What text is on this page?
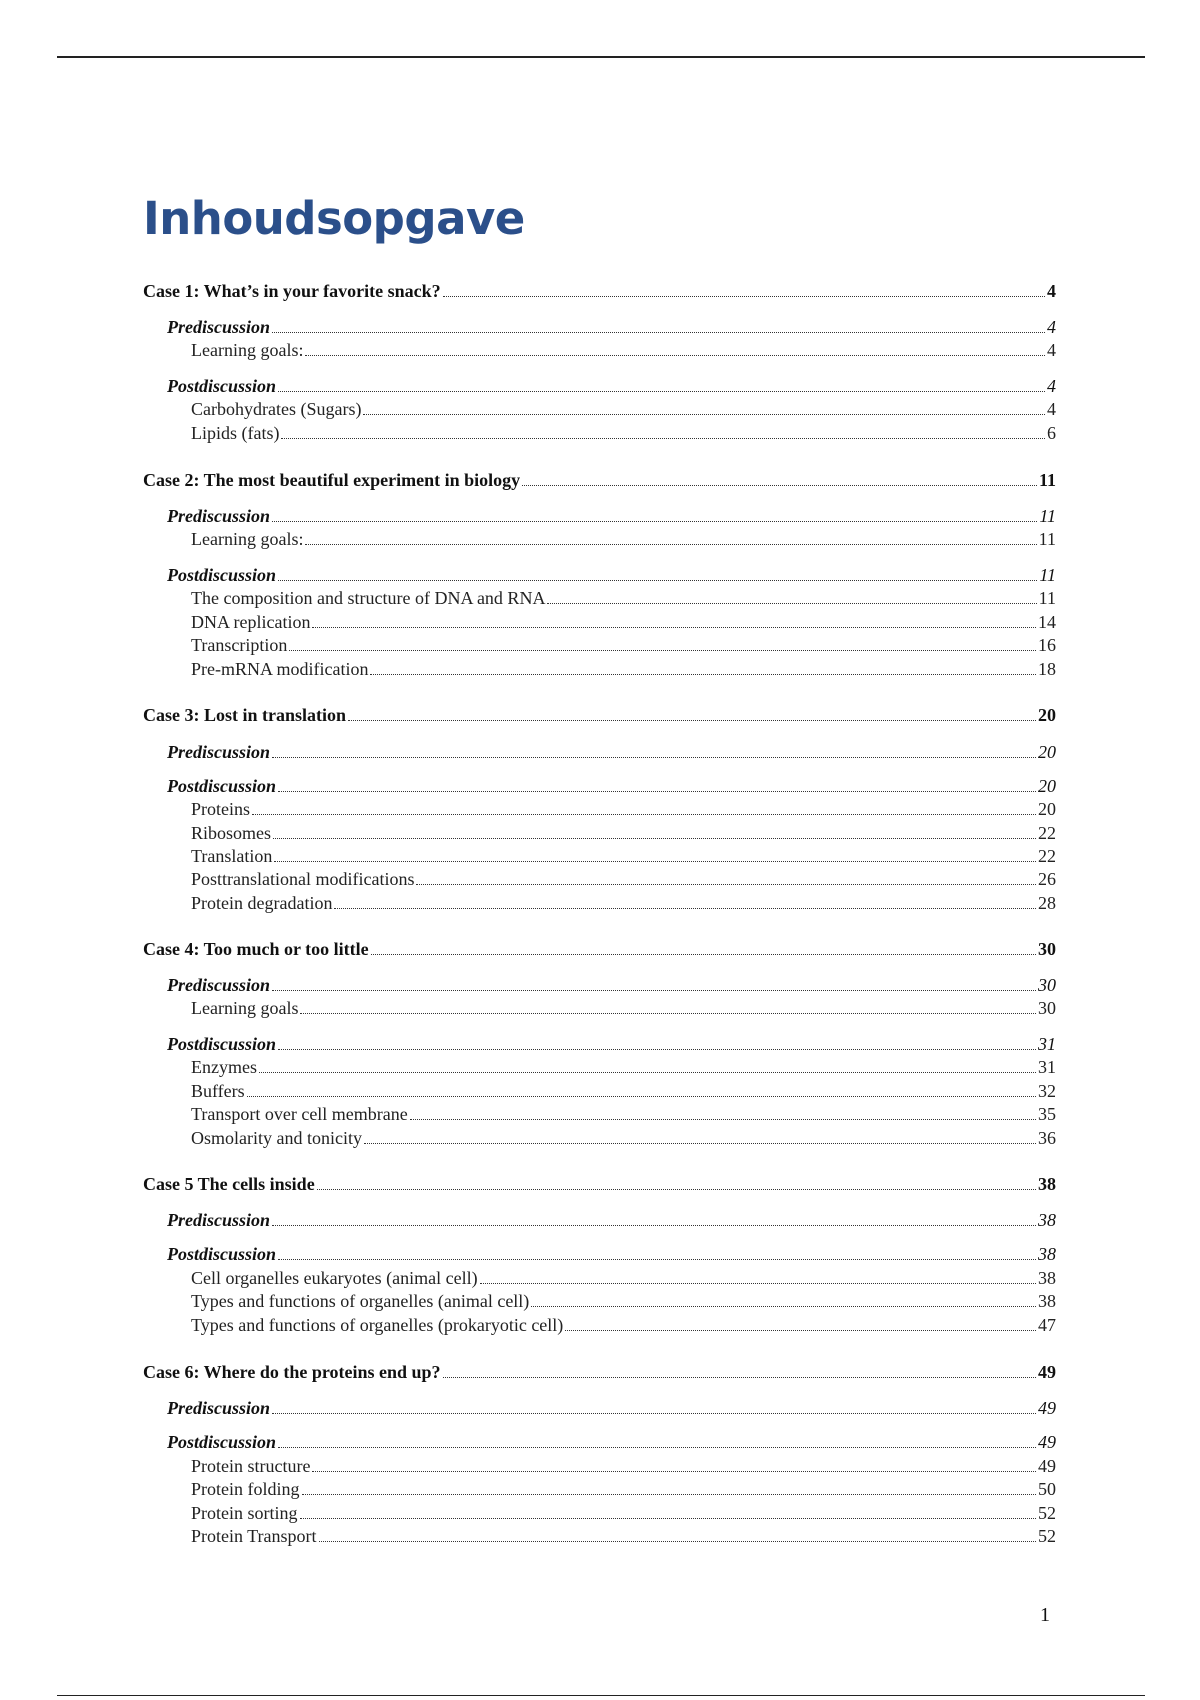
Inhoudsopgave
Case 1: What’s in your favorite snack?	4
Prediscussion	4
Learning goals:	4
Postdiscussion	4
Carbohydrates (Sugars)	4
Lipids (fats)	6
Case 2: The most beautiful experiment in biology	11
Prediscussion	11
Learning goals:	11
Postdiscussion	11
The composition and structure of DNA and RNA	11
DNA replication	14
Transcription	16
Pre-mRNA modification	18
Case 3: Lost in translation	20
Prediscussion	20
Postdiscussion	20
Proteins	20
Ribosomes	22
Translation	22
Posttranslational modifications	26
Protein degradation	28
Case 4: Too much or too little	30
Prediscussion	30
Learning goals	30
Postdiscussion	31
Enzymes	31
Buffers	32
Transport over cell membrane	35
Osmolarity and tonicity	36
Case 5 The cells inside	38
Prediscussion	38
Postdiscussion	38
Cell organelles eukaryotes (animal cell)	38
Types and functions of organelles (animal cell)	38
Types and functions of organelles (prokaryotic cell)	47
Case 6: Where do the proteins end up?	49
Prediscussion	49
Postdiscussion	49
Protein structure	49
Protein folding	50
Protein sorting	52
Protein Transport	52
1
